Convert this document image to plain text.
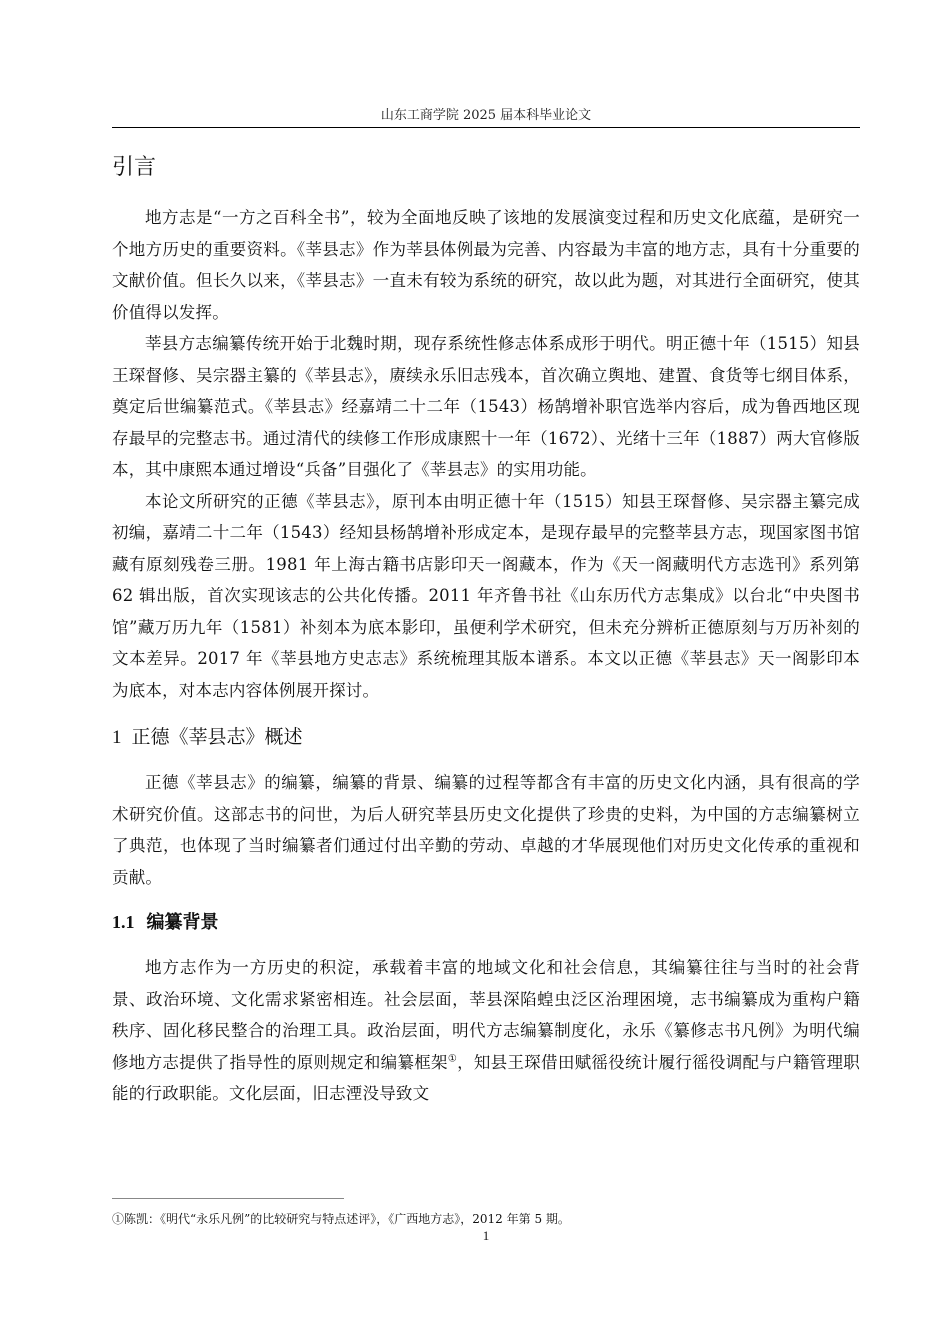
山东工商学院 2025 届本科毕业论文
引言

地方志是“一方之百科全书”，较为全面地反映了该地的发展演变过程和历史文化底蕴，是研究一个地方历史的重要资料。《莘县志》作为莘县体例最为完善、内容最为丰富的地方志，具有十分重要的文献价值。但长久以来，《莘县志》一直未有较为系统的研究，故以此为题，对其进行全面研究，使其价值得以发挥。

莘县方志编纂传统开始于北魏时期，现存系统性修志体系成形于明代。明正德十年（1515）知县王琛督修、吴宗器主纂的《莘县志》，赓续永乐旧志残本，首次确立舆地、建置、食货等七纲目体系，奠定后世编纂范式。《莘县志》经嘉靖二十二年（1543）杨鹄增补职官选举内容后，成为鲁西地区现存最早的完整志书。通过清代的续修工作形成康熙十一年（1672）、光绪十三年（1887）两大官修版本，其中康熙本通过增设“兵备”目强化了《莘县志》的实用功能。

本论文所研究的正德《莘县志》，原刊本由明正德十年（1515）知县王琛督修、吴宗器主纂完成初编，嘉靖二十二年（1543）经知县杨鹄增补形成定本，是现存最早的完整莘县方志，现国家图书馆藏有原刻残卷三册。1981 年上海古籍书店影印天一阁藏本，作为《天一阁藏明代方志选刊》系列第 62 辑出版，首次实现该志的公共化传播。2011 年齐鲁书社《山东历代方志集成》以台北“中央图书馆”藏万历九年（1581）补刻本为底本影印，虽便利学术研究，但未充分辨析正德原刻与万历补刻的文本差异。2017 年《莘县地方史志志》系统梳理其版本谱系。本文以正德《莘县志》天一阁影印本为底本，对本志内容体例展开探讨。

1 正德《莘县志》概述

正德《莘县志》的编纂，编纂的背景、编纂的过程等都含有丰富的历史文化内涵，具有很高的学术研究价值。这部志书的问世，为后人研究莘县历史文化提供了珍贵的史料，为中国的方志编纂树立了典范，也体现了当时编纂者们通过付出辛勤的劳动、卓越的才华展现他们对历史文化传承的重视和贡献。

1.1 编纂背景

地方志作为一方历史的积淀，承载着丰富的地域文化和社会信息，其编纂往往与当时的社会背景、政治环境、文化需求紧密相连。社会层面，莘县深陷蝗虫泛区治理困境，志书编纂成为重构户籍秩序、固化移民整合的治理工具。政治层面，明代方志编纂制度化，永乐《纂修志书凡例》为明代编修地方志提供了指导性的原则规定和编纂框架①，知县王琛借田赋徭役统计履行徭役调配与户籍管理职能的行政职能。文化层面，旧志湮没导致文

①陈凯：《明代“永乐凡例”的比较研究与特点述评》，《广西地方志》，2012 年第 5 期。
1
